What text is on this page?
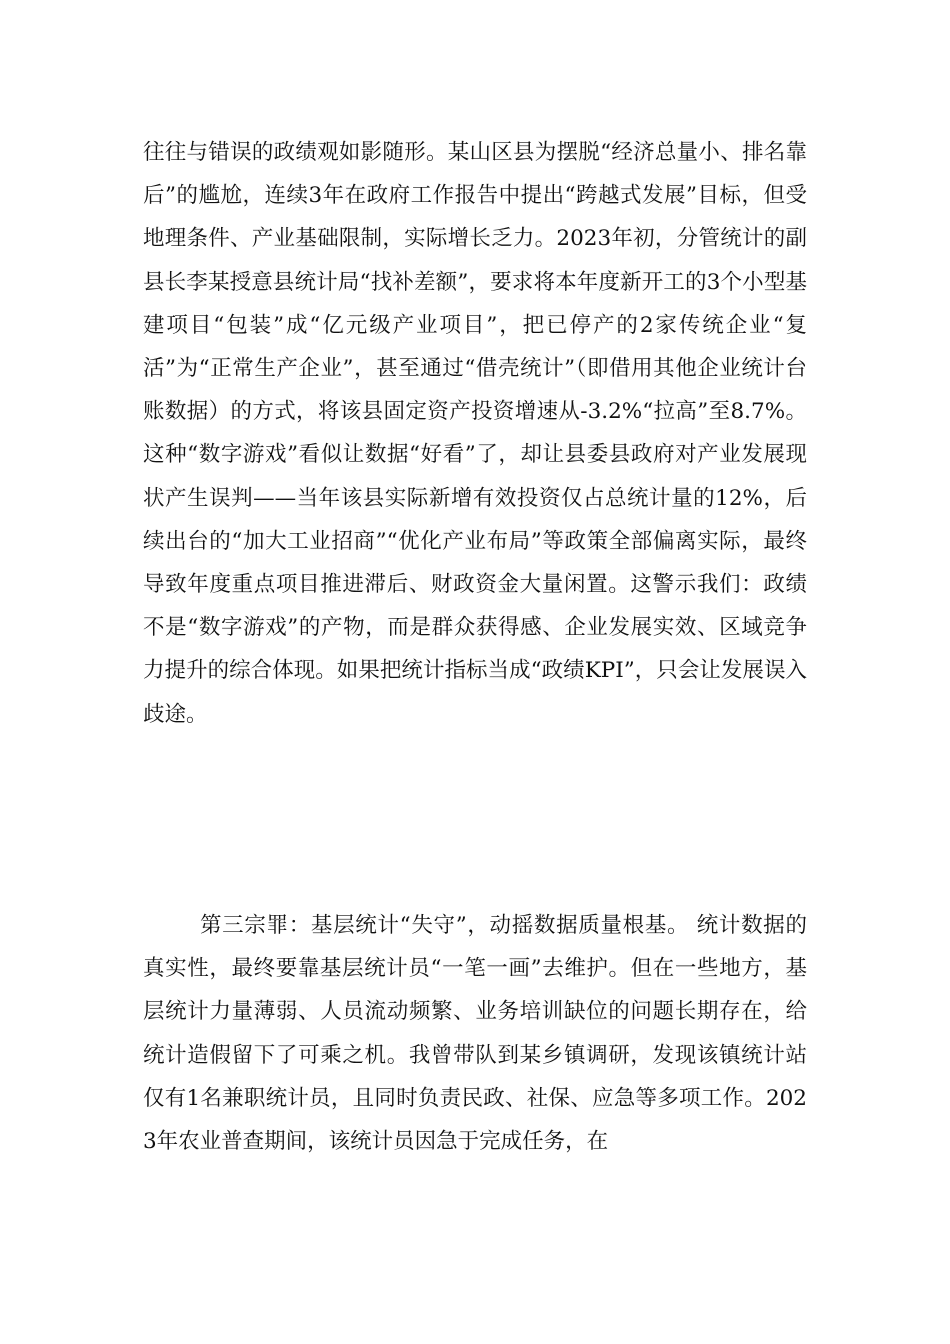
往往与错误的政绩观如影随形。某山区县为摆脱“经济总量小、排名靠后”的尴尬，连续3年在政府工作报告中提出“跨越式发展”目标，但受地理条件、产业基础限制，实际增长乏力。2023年初，分管统计的副县长李某授意县统计局“找补差额”，要求将本年度新开工的3个小型基建项目“包装”成“亿元级产业项目”，把已停产的2家传统企业“复活”为“正常生产企业”，甚至通过“借壳统计”（即借用其他企业统计台账数据）的方式，将该县固定资产投资增速从-3.2%“拉高”至8.7%。这种“数字游戏”看似让数据“好看”了，却让县委县政府对产业发展现状产生误判——当年该县实际新增有效投资仅占总统计量的12%，后续出台的“加大工业招商”“优化产业布局”等政策全部偏离实际，最终导致年度重点项目推进滞后、财政资金大量闲置。这警示我们：政绩不是“数字游戏”的产物，而是群众获得感、企业发展实效、区域竞争力提升的综合体现。如果把统计指标当成“政绩KPI”，只会让发展误入歧途。

第三宗罪：基层统计“失守”，动摇数据质量根基。 统计数据的真实性，最终要靠基层统计员“一笔一画”去维护。但在一些地方，基层统计力量薄弱、人员流动频繁、业务培训缺位的问题长期存在，给统计造假留下了可乘之机。我曾带队到某乡镇调研，发现该镇统计站仅有1名兼职统计员，且同时负责民政、社保、应急等多项工作。2023年农业普查期间，该统计员因急于完成任务，在
